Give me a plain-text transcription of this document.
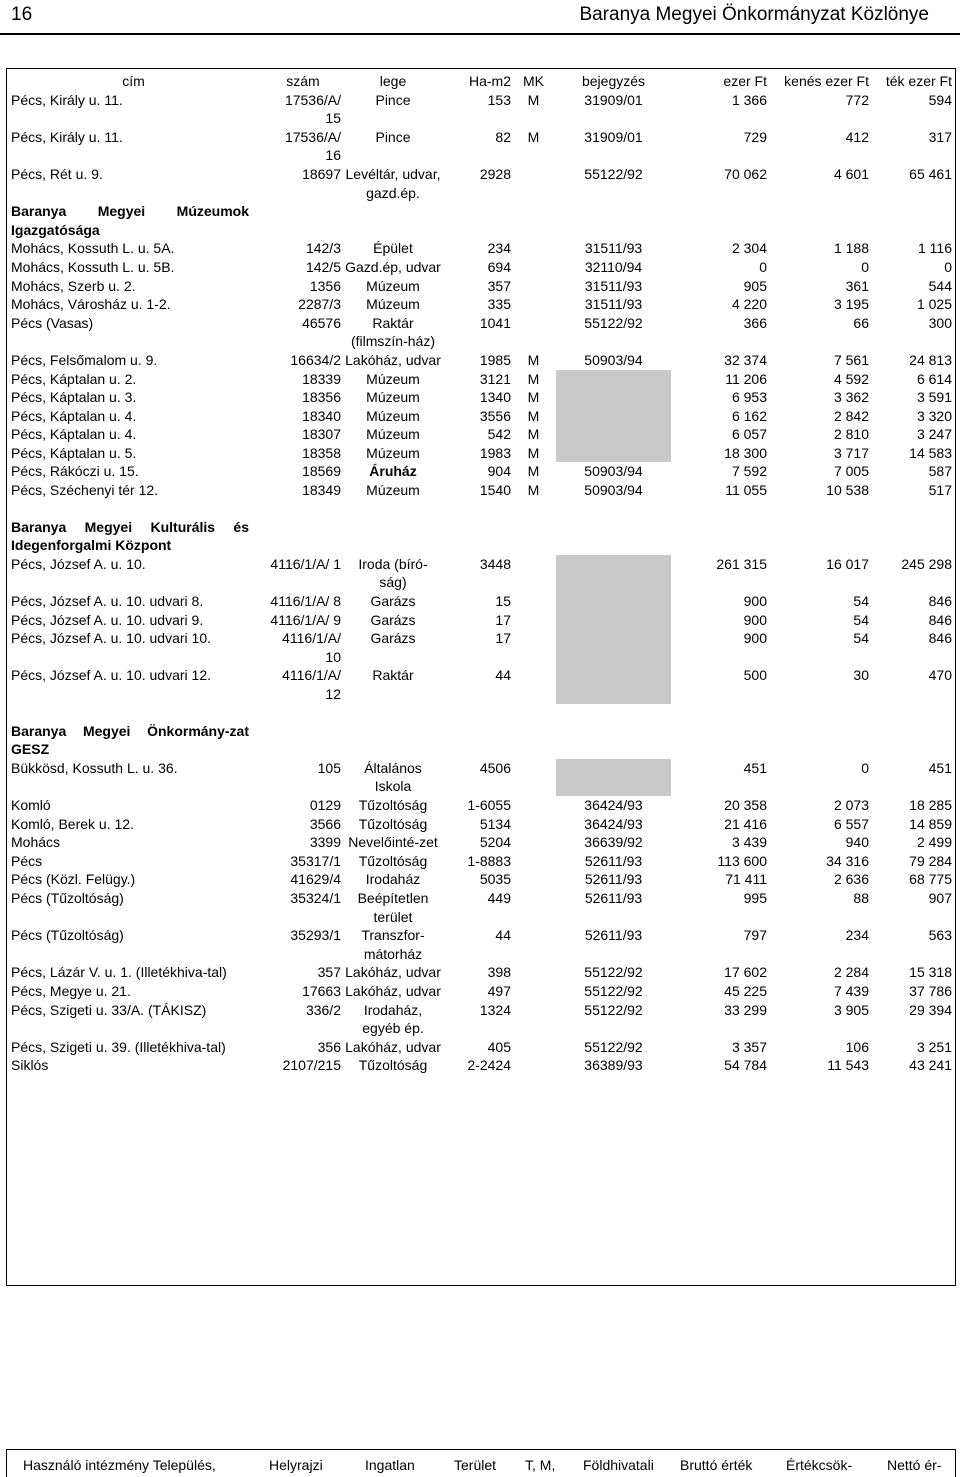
16	Baranya Megyei Önkormányzat Közlönye
cím	szám	lege	Ha-m2	MK	bejegyzés	ezer Ft	kenés ezer Ft	ték ezer Ft
Pécs, Király u. 11.	17536/A/ 15	Pince	153	M	31909/01	1 366	772	594
Pécs, Király u. 11.	17536/A/ 16	Pince	82	M	31909/01	729	412	317
Pécs, Rét u. 9.	18697	Levéltár, udvar, gazd.ép.	2928		55122/92	70 062	4 601	65 461

Baranya Megyei Múzeumok Igazgatósága								

Mohács, Kossuth L. u. 5A.	142/3	Épület	234		31511/93	2 304	1 188	1 116
Mohács, Kossuth L. u. 5B.	142/5	Gazd.ép, udvar	694		32110/94	0	0	0
Mohács, Szerb u. 2.	1356	Múzeum	357		31511/93	905	361	544
Mohács, Városház u. 1-2.	2287/3	Múzeum	335		31511/93	4 220	3 195	1 025
Pécs (Vasas)	46576	Raktár (filmszín-ház)	1041		55122/92	366	66	300
Pécs, Felsőmalom u. 9.	16634/2	Lakóház, udvar	1985	M	50903/94	32 374	7 561	24 813
Pécs, Káptalan u. 2.	18339	Múzeum	3121	M		11 206	4 592	6 614
Pécs, Káptalan u. 3.	18356	Múzeum	1340	M		6 953	3 362	3 591
Pécs, Káptalan u. 4.	18340	Múzeum	3556	M		6 162	2 842	3 320
Pécs, Káptalan u. 4.	18307	Múzeum	542	M		6 057	2 810	3 247
Pécs, Káptalan u. 5.	18358	Múzeum	1983	M		18 300	3 717	14 583
Pécs, Rákóczi u. 15.	18569	Áruház	904	M	50903/94	7 592	7 005	587
Pécs, Széchenyi tér 12.	18349	Múzeum	1540	M	50903/94	11 055	10 538	517

Baranya Megyei Kulturális és Idegenforgalmi Központ								

Pécs, József A. u. 10.	4116/1/A/ 1	Iroda (bíró-ság)	3448			261 315	16 017	245 298
Pécs, József A. u. 10. udvari 8.	4116/1/A/ 8	Garázs	15			900	54	846
Pécs, József A. u. 10. udvari 9.	4116/1/A/ 9	Garázs	17			900	54	846
Pécs, József A. u. 10. udvari 10.	4116/1/A/ 10	Garázs	17			900	54	846
Pécs, József A. u. 10. udvari 12.	4116/1/A/ 12	Raktár	44			500	30	470

Baranya Megyei Önkormány-zat GESZ								

Bükkösd, Kossuth L. u. 36.	105	Általános Iskola	4506			451	0	451
Komló	0129	Tűzoltóság	1-6055		36424/93	20 358	2 073	18 285
Komló, Berek u. 12.	3566	Tűzoltóság	5134		36424/93	21 416	6 557	14 859
Mohács	3399	Nevelőinté-zet	5204		36639/92	3 439	940	2 499
Pécs	35317/1	Tűzoltóság	1-8883		52611/93	113 600	34 316	79 284
Pécs (Közl. Felügy.)	41629/4	Irodaház	5035		52611/93	71 411	2 636	68 775
Pécs (Tűzoltóság)	35324/1	Beépítetlen terület	449		52611/93	995	88	907
Pécs (Tűzoltóság)	35293/1	Transzfor-mátorház	44		52611/93	797	234	563

Pécs, Lázár V. u. 1. (Illetékhiva-tal)	357	Lakóház, udvar	398		55122/92	17 602	2 284	15 318
Pécs, Megye u. 21.	17663	Lakóház, udvar	497		55122/92	45 225	7 439	37 786
Pécs, Szigeti u. 33/A. (TÁKISZ)	336/2	Irodaház, egyéb ép.	1324		55122/92	33 299	3 905	29 394

Pécs, Szigeti u. 39. (Illetékhiva-tal)	356	Lakóház, udvar	405		55122/92	3 357	106	3 251
Siklós	2107/215	Tűzoltóság	2-2424		36389/93	54 784	11 543	43 241
Használó intézmény Település,	Helyrajzi	Ingatlan	Terület T, M, Földhivatali Bruttó érték Értékcsök- Nettó ér-
